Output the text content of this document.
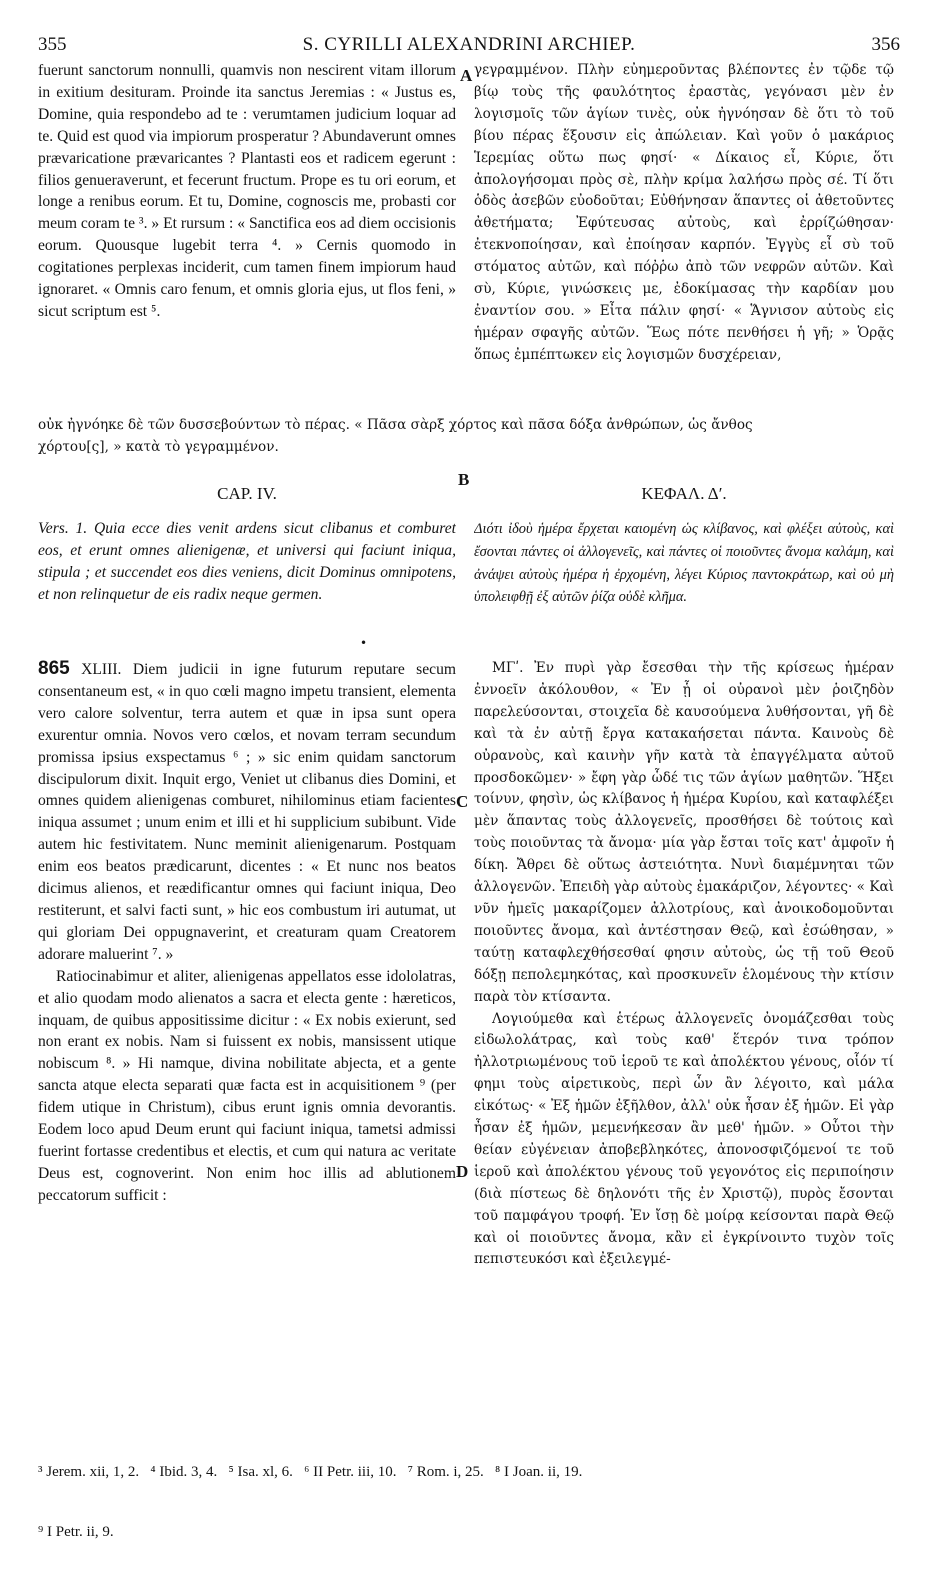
355	S. CYRILLI ALEXANDRINI ARCHIEP.	356
A
B
C
D

fuerunt sanctorum nonnulli, quamvis non nescirent vitam illorum in exitium desituram. Proinde ita sanctus Jeremias : « Justus es, Domine, quia respondebo ad te : verumtamen judicium loquar ad te. Quid est quod via impiorum prosperatur ? Abundaverunt omnes prævaricatione prævaricantes ? Plantasti eos et radicem egerunt : filios genueraverunt, et fecerunt fructum. Prope es tu ori eorum, et longe a renibus eorum. Et tu, Domine, cognoscis me, probasti cor meum coram te ³. » Et rursum : « Sanctifica eos ad diem occisionis eorum. Quousque lugebit terra ⁴. » Cernis quomodo in cogitationes perplexas inciderit, cum tamen finem impiorum haud ignoraret. « Omnis caro fenum, et omnis gloria ejus, ut flos feni, » sicut scriptum est ⁵.

γεγραμμένον. Πλὴν εὐημεροῦντας βλέποντες ἐν τῷδε τῷ βίῳ τοὺς τῆς φαυλότητος ἐραστὰς, γεγόνασι μὲν ἐν λογισμοῖς τῶν ἁγίων τινὲς, οὐκ ἠγνόησαν δὲ ὅτι τὸ τοῦ βίου πέρας ἕξουσιν εἰς ἀπώλειαν. Καὶ γοῦν ὁ μακάριος Ἱερεμίας οὕτω πως φησί· « Δίκαιος εἶ, Κύριε, ὅτι ἀπολογήσομαι πρὸς σὲ, πλὴν κρίμα λαλήσω πρὸς σέ. Τί ὅτι ὁδὸς ἀσεβῶν εὐοδοῦται; Εὐθήνησαν ἅπαντες οἱ ἀθετοῦντες ἀθετήματα; Ἐφύτευσας αὐτοὺς, καὶ ἐρρίζώθησαν· ἐτεκνοποίησαν, καὶ ἐποίησαν καρπόν. Ἐγγὺς εἶ σὺ τοῦ στόματος αὐτῶν, καὶ πόῤῥω ἀπὸ τῶν νεφρῶν αὐτῶν. Καὶ σὺ, Κύριε, γινώσκεις με, ἐδοκίμασας τὴν καρδίαν μου ἐναντίον σου. » Εἶτα πάλιν φησί· « Ἅγνισον αὐτοὺς εἰς ἡμέραν σφαγῆς αὐτῶν. Ἕως πότε πενθήσει ἡ γῆ; » Ὁρᾷς ὅπως ἐμπέπτωκεν εἰς λογισμῶν δυσχέρειαν,

οὐκ ἠγνόηκε δὲ τῶν δυσσεβούντων τὸ πέρας. « Πᾶσα σὰρξ χόρτος καὶ πᾶσα δόξα ἀνθρώπων, ὡς ἄνθος
χόρτου[ς], » κατὰ τὸ γεγραμμένον.
CAP. IV.	ΚΕΦΑΛ. Δʹ.

Vers. 1. Quia ecce dies venit ardens sicut clibanus et comburet eos, et erunt omnes alienigenæ, et universi qui faciunt iniqua, stipula ; et succendet eos dies veniens, dicit Dominus omnipotens, et non relinquetur de eis radix neque germen.

Διότι ἰδοὺ ἡμέρα ἔρχεται καιομένη ὡς κλίβανος, καὶ φλέξει αὐτοὺς, καὶ ἔσονται πάντες οἱ ἀλλογενεῖς, καὶ πάντες οἱ ποιοῦντες ἄνομα καλάμη, καὶ ἀνάψει αὐτοὺς ἡμέρα ἡ ἐρχομένη, λέγει Κύριος παντοκράτωρ, καὶ οὐ μὴ ὑπολειφθῇ ἐξ αὐτῶν ῥίζα οὐδὲ κλῆμα.

•

865 XLIII. Diem judicii in igne futurum reputare secum consentaneum est, « in quo cœli magno impetu transient, elementa vero calore solventur, terra autem et quæ in ipsa sunt opera exurentur omnia. Novos vero cœlos, et novam terram secundum promissa ipsius exspectamus ⁶ ; » sic enim quidam sanctorum discipulorum dixit. Inquit ergo, Veniet ut clibanus dies Domini, et omnes quidem alienigenas comburet, nihilominus etiam facientes iniqua assumet ; unum enim et illi et hi supplicium subibunt. Vide autem hic festivitatem. Nunc meminit alienigenarum. Postquam enim eos beatos prædicarunt, dicentes : « Et nunc nos beatos dicimus alienos, et reædificantur omnes qui faciunt iniqua, Deo restiterunt, et salvi facti sunt, » hic eos combustum iri autumat, ut qui gloriam Dei oppugnaverint, et creaturam quam Creatorem adorare maluerint ⁷. »

Ratiocinabimur et aliter, alienigenas appellatos esse idololatras, et alio quodam modo alienatos a sacra et electa gente : hæreticos, inquam, de quibus appositissime dicitur : « Ex nobis exierunt, sed non erant ex nobis. Nam si fuissent ex nobis, mansissent utique nobiscum ⁸. » Hi namque, divina nobilitate abjecta, et a gente sancta atque electa separati quæ facta est in acquisitionem ⁹ (per fidem utique in Christum), cibus erunt ignis omnia devorantis. Eodem loco apud Deum erunt qui faciunt iniqua, tametsi admissi fuerint fortasse credentibus et electis, et cum qui natura ac veritate Deus est, cognoverint. Non enim hoc illis ad ablutionem peccatorum sufficit :

ΜΓʹ. Ἐν πυρὶ γὰρ ἔσεσθαι τὴν τῆς κρίσεως ἡμέραν ἐννοεῖν ἀκόλουθον, « Ἐν ᾗ οἱ οὐρανοὶ μὲν ῥοιζηδὸν παρελεύσονται, στοιχεῖα δὲ καυσούμενα λυθήσονται, γῆ δὲ καὶ τὰ ἐν αὐτῇ ἔργα κατακαήσεται πάντα. Καινοὺς δὲ οὐρανοὺς, καὶ καινὴν γῆν κατὰ τὰ ἐπαγγέλματα αὐτοῦ προσδοκῶμεν· » ἔφη γὰρ ὧδέ τις τῶν ἁγίων μαθητῶν. Ἥξει τοίνυν, φησὶν, ὡς κλίβανος ἡ ἡμέρα Κυρίου, καὶ καταφλέξει μὲν ἅπαντας τοὺς ἀλλογενεῖς, προσθήσει δὲ τούτοις καὶ τοὺς ποιοῦντας τὰ ἄνομα· μία γὰρ ἔσται τοῖς κατ' ἀμφοῖν ἡ δίκη. Ἄθρει δὲ οὕτως ἀστειότητα. Νυνὶ διαμέμνηται τῶν ἀλλογενῶν. Ἐπειδὴ γὰρ αὐτοὺς ἐμακάριζον, λέγοντες· « Καὶ νῦν ἡμεῖς μακαρίζομεν ἀλλοτρίους, καὶ ἀνοικοδομοῦνται ποιοῦντες ἄνομα, καὶ ἀντέστησαν Θεῷ, καὶ ἐσώθησαν, » ταύτῃ καταφλεχθήσεσθαί φησιν αὐτοὺς, ὡς τῇ τοῦ Θεοῦ δόξῃ πεπολεμηκότας, καὶ προσκυνεῖν ἑλομένους τὴν κτίσιν παρὰ τὸν κτίσαντα.

Λογιούμεθα καὶ ἑτέρως ἀλλογενεῖς ὀνομάζεσθαι τοὺς εἰδωλολάτρας, καὶ τοὺς καθ' ἕτερόν τινα τρόπον ἠλλοτριωμένους τοῦ ἱεροῦ τε καὶ ἀπολέκτου γένους, οἷόν τί φημι τοὺς αἱρετικοὺς, περὶ ὧν ἂν λέγοιτο, καὶ μάλα εἰκότως· « Ἐξ ἡμῶν ἐξῆλθον, ἀλλ' οὐκ ἦσαν ἐξ ἡμῶν. Εἰ γὰρ ἦσαν ἐξ ἡμῶν, μεμενήκεσαν ἂν μεθ' ἡμῶν. » Οὗτοι τὴν θείαν εὐγένειαν ἀποβεβληκότες, ἀπονοσφιζόμενοί τε τοῦ ἱεροῦ καὶ ἀπολέκτου γένους τοῦ γεγονότος εἰς περιποίησιν (διὰ πίστεως δὲ δηλονότι τῆς ἐν Χριστῷ), πυρὸς ἔσονται τοῦ παμφάγου τροφή. Ἐν ἴσῃ δὲ μοίρᾳ κείσονται παρὰ Θεῷ καὶ οἱ ποιοῦντες ἄνομα, κἂν εἰ ἐγκρίνοιντο τυχὸν τοῖς πεπιστευκόσι καὶ ἐξειλεγμέ-

³ Jerem. xii, 1, 2.   ⁴ Ibid. 3, 4.   ⁵ Isa. xl, 6.   ⁶ II Petr. iii, 10.   ⁷ Rom. i, 25.   ⁸ I Joan. ii, 19.

⁹ I Petr. ii, 9.
